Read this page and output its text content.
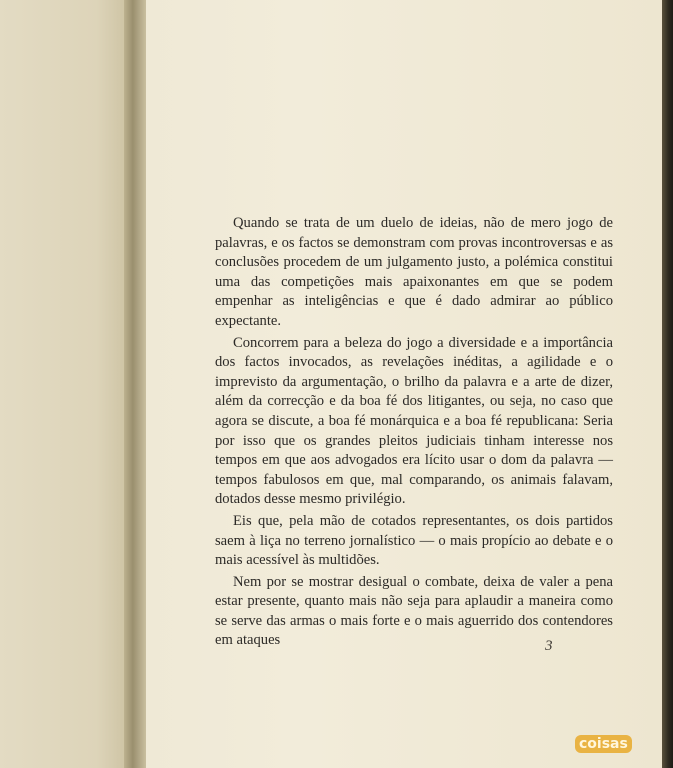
Quando se trata de um duelo de ideias, não de mero jogo de palavras, e os factos se demonstram com provas incontroversas e as conclusões procedem de um julgamento justo, a polémica constitui uma das competições mais apaixonantes em que se podem empenhar as inteligências e que é dado admirar ao público expectante.

Concorrem para a beleza do jogo a diversidade e a importância dos factos invocados, as revelações inéditas, a agilidade e o imprevisto da argumentação, o brilho da palavra e a arte de dizer, além da correcção e da boa fé dos litigantes, ou seja, no caso que agora se discute, a boa fé monárquica e a boa fé republicana: Seria por isso que os grandes pleitos judiciais tinham interesse nos tempos em que aos advogados era lícito usar o dom da palavra — tempos fabulosos em que, mal comparando, os animais falavam, dotados desse mesmo privilégio.

Eis que, pela mão de cotados representantes, os dois partidos saem à liça no terreno jornalístico — o mais propício ao debate e o mais acessível às multidões.

Nem por se mostrar desigual o combate, deixa de valer a pena estar presente, quanto mais não seja para aplaudir a maneira como se serve das armas o mais forte e o mais aguerrido dos contendores em ataques	3
coisas
